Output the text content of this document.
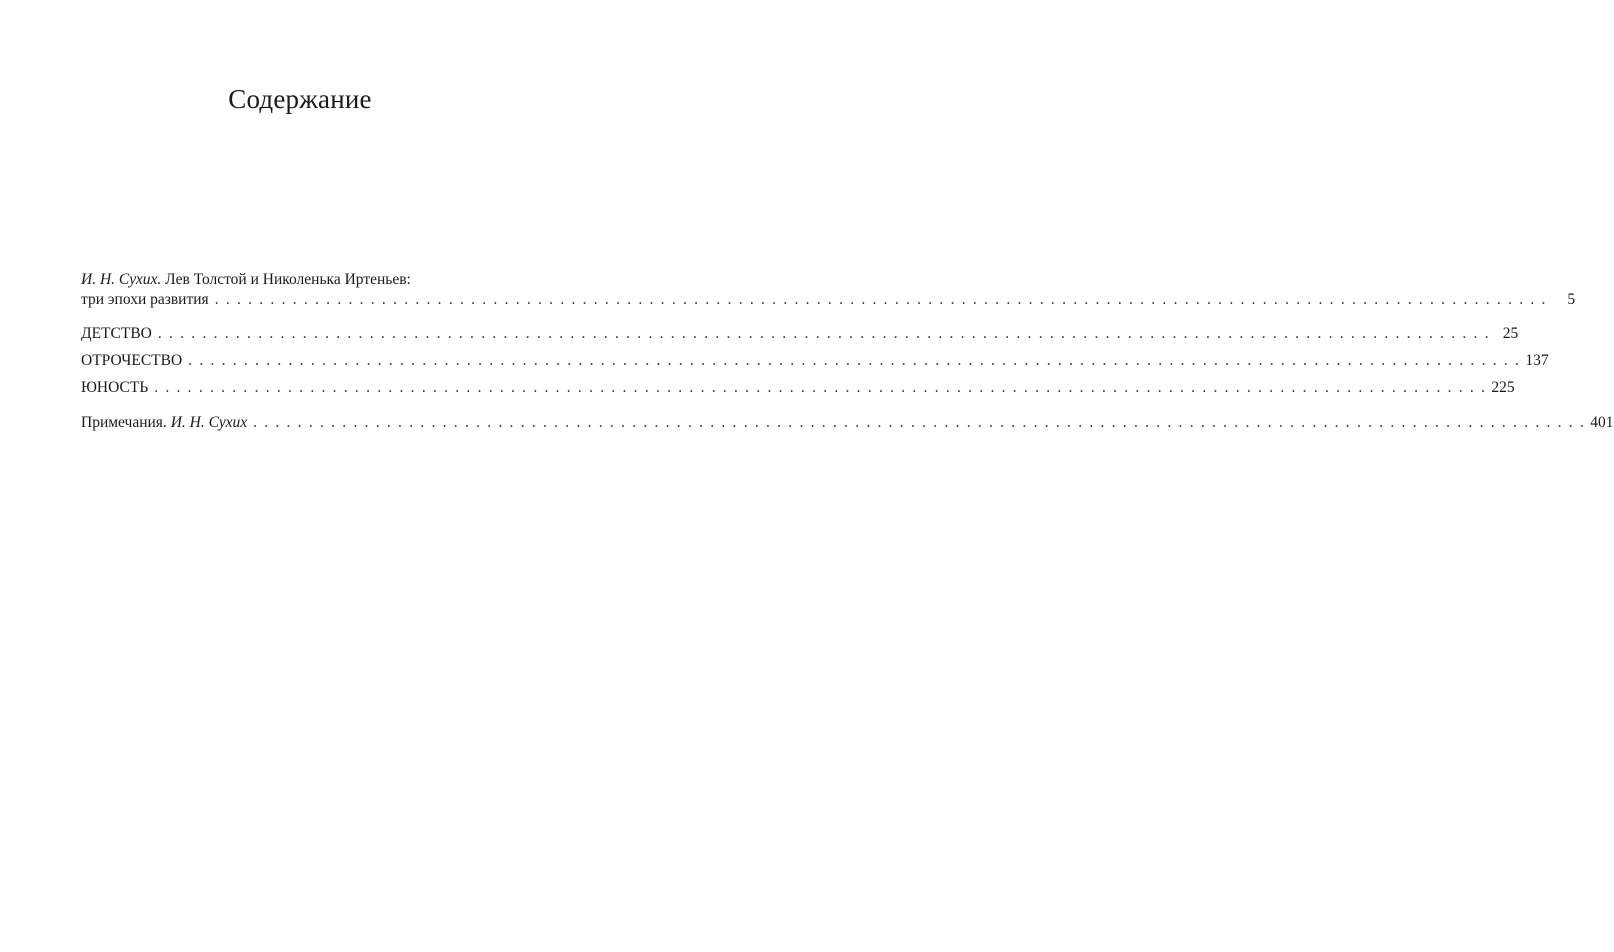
Содержание
И. Н. Сухих. Лев Толстой и Николенька Иртеньев:
три эпохи развития . . . . . . . . . . . . . . . . . . . . . . . . . . . . . . . . . . . . . . . . . . . . . . . . . . . . . . . . . . . . . . . . . . . . . . . . . . . . . . . . . . . . . . . . . . . . . . . . . . . . . . . . . . . . . . . . . . . . . . . .	5
ДЕТСТВО . . . . . . . . . . . . . . . . . . . . . . . . . . . . . . . . . . . . . . . . . . . . . . . . . . . . . . . . . . . . . . . . . . . . . . . . . . . . . . . . . . . . . . . . . . . . . . . . . . . . . . . . . . . . . . . . . . . . . . . . 25
ОТРОЧЕСТВО . . . . . . . . . . . . . . . . . . . . . . . . . . . . . . . . . . . . . . . . . . . . . . . . . . . . . . . . . . . . . . . . . . . . . . . . . . . . . . . . . . . . . . . . . . . . . . . . . . . . . . . . . . . . . . . . . . . . . . . . 137
ЮНОСТЬ . . . . . . . . . . . . . . . . . . . . . . . . . . . . . . . . . . . . . . . . . . . . . . . . . . . . . . . . . . . . . . . . . . . . . . . . . . . . . . . . . . . . . . . . . . . . . . . . . . . . . . . . . . . . . . . . . . . . . . . . 225
Примечания. И. Н. Сухих . . . . . . . . . . . . . . . . . . . . . . . . . . . . . . . . . . . . . . . . . . . . . . . . . . . . . . . . . . . . . . . . . . . . . . . . . . . . . . . . . . . . . . . . . . . . . . . . . . . . . . . . . . . . . . . . . . . . . . . . 401
